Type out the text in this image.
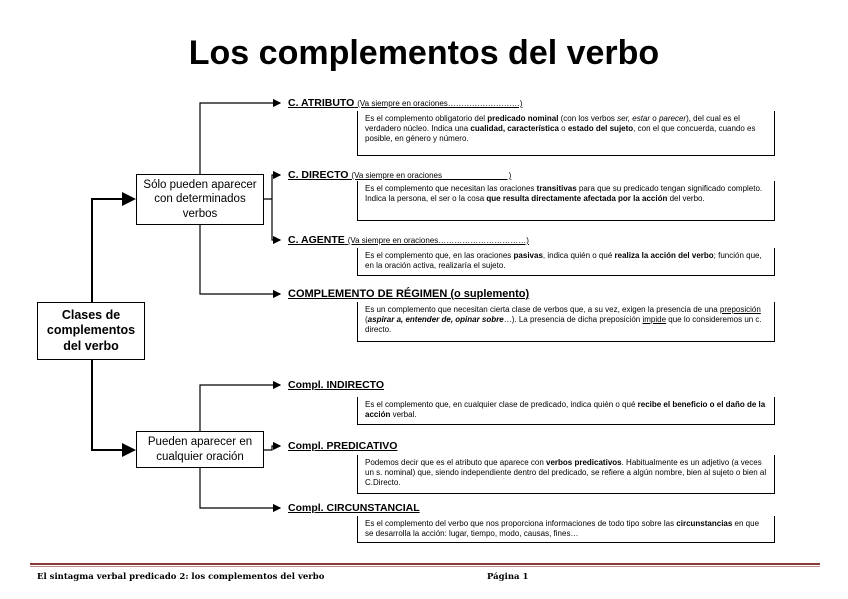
Los complementos del verbo
Clases de
complementos
del verbo
Sólo pueden aparecer
con determinados
verbos
Pueden aparecer en
cualquier oración
C. ATRIBUTO (Va siempre en oraciones………………………)
Es el complemento obligatorio del predicado nominal (con los verbos ser, estar o parecer), del cual es el verdadero núcleo. Indica una cualidad, característica o estado del sujeto, con el que concuerda, cuando es posible, en género y número.
C. DIRECTO (Va siempre en oraciones                              )
Es el complemento que necesitan las oraciones transitivas para que su predicado tengan significado completo. Indica la persona, el ser o la cosa que resulta directamente afectada por la acción del verbo.
C. AGENTE (Va siempre en oraciones……………………………)
Es el complemento que, en las oraciones pasivas, indica quién o qué realiza la acción del verbo; función que, en la oración activa, realizaría el sujeto.
COMPLEMENTO DE RÉGIMEN (o suplemento)
Es un complemento que necesitan cierta clase de verbos que, a su vez, exigen la presencia de una preposición (aspirar a, entender de, opinar sobre…). La presencia de dicha preposición impide que lo consideremos un c. directo.
Compl. INDIRECTO
Es el complemento que, en cualquier clase de predicado, indica quién o qué recibe el beneficio o el daño de la acción verbal.
Compl. PREDICATIVO
Podemos decir que es el atributo que aparece con verbos predicativos. Habitualmente es un adjetivo (a veces un s. nominal) que, siendo independiente dentro del predicado, se refiere a algún nombre, bien al sujeto o bien al C.Directo.
Compl. CIRCUNSTANCIAL
Es el complemento del verbo que nos proporciona informaciones de todo tipo sobre las circunstancias en que se desarrolla la acción: lugar, tiempo, modo, causas, fines…
El sintagma verbal predicado 2: los complementos del verbo	Página 1
